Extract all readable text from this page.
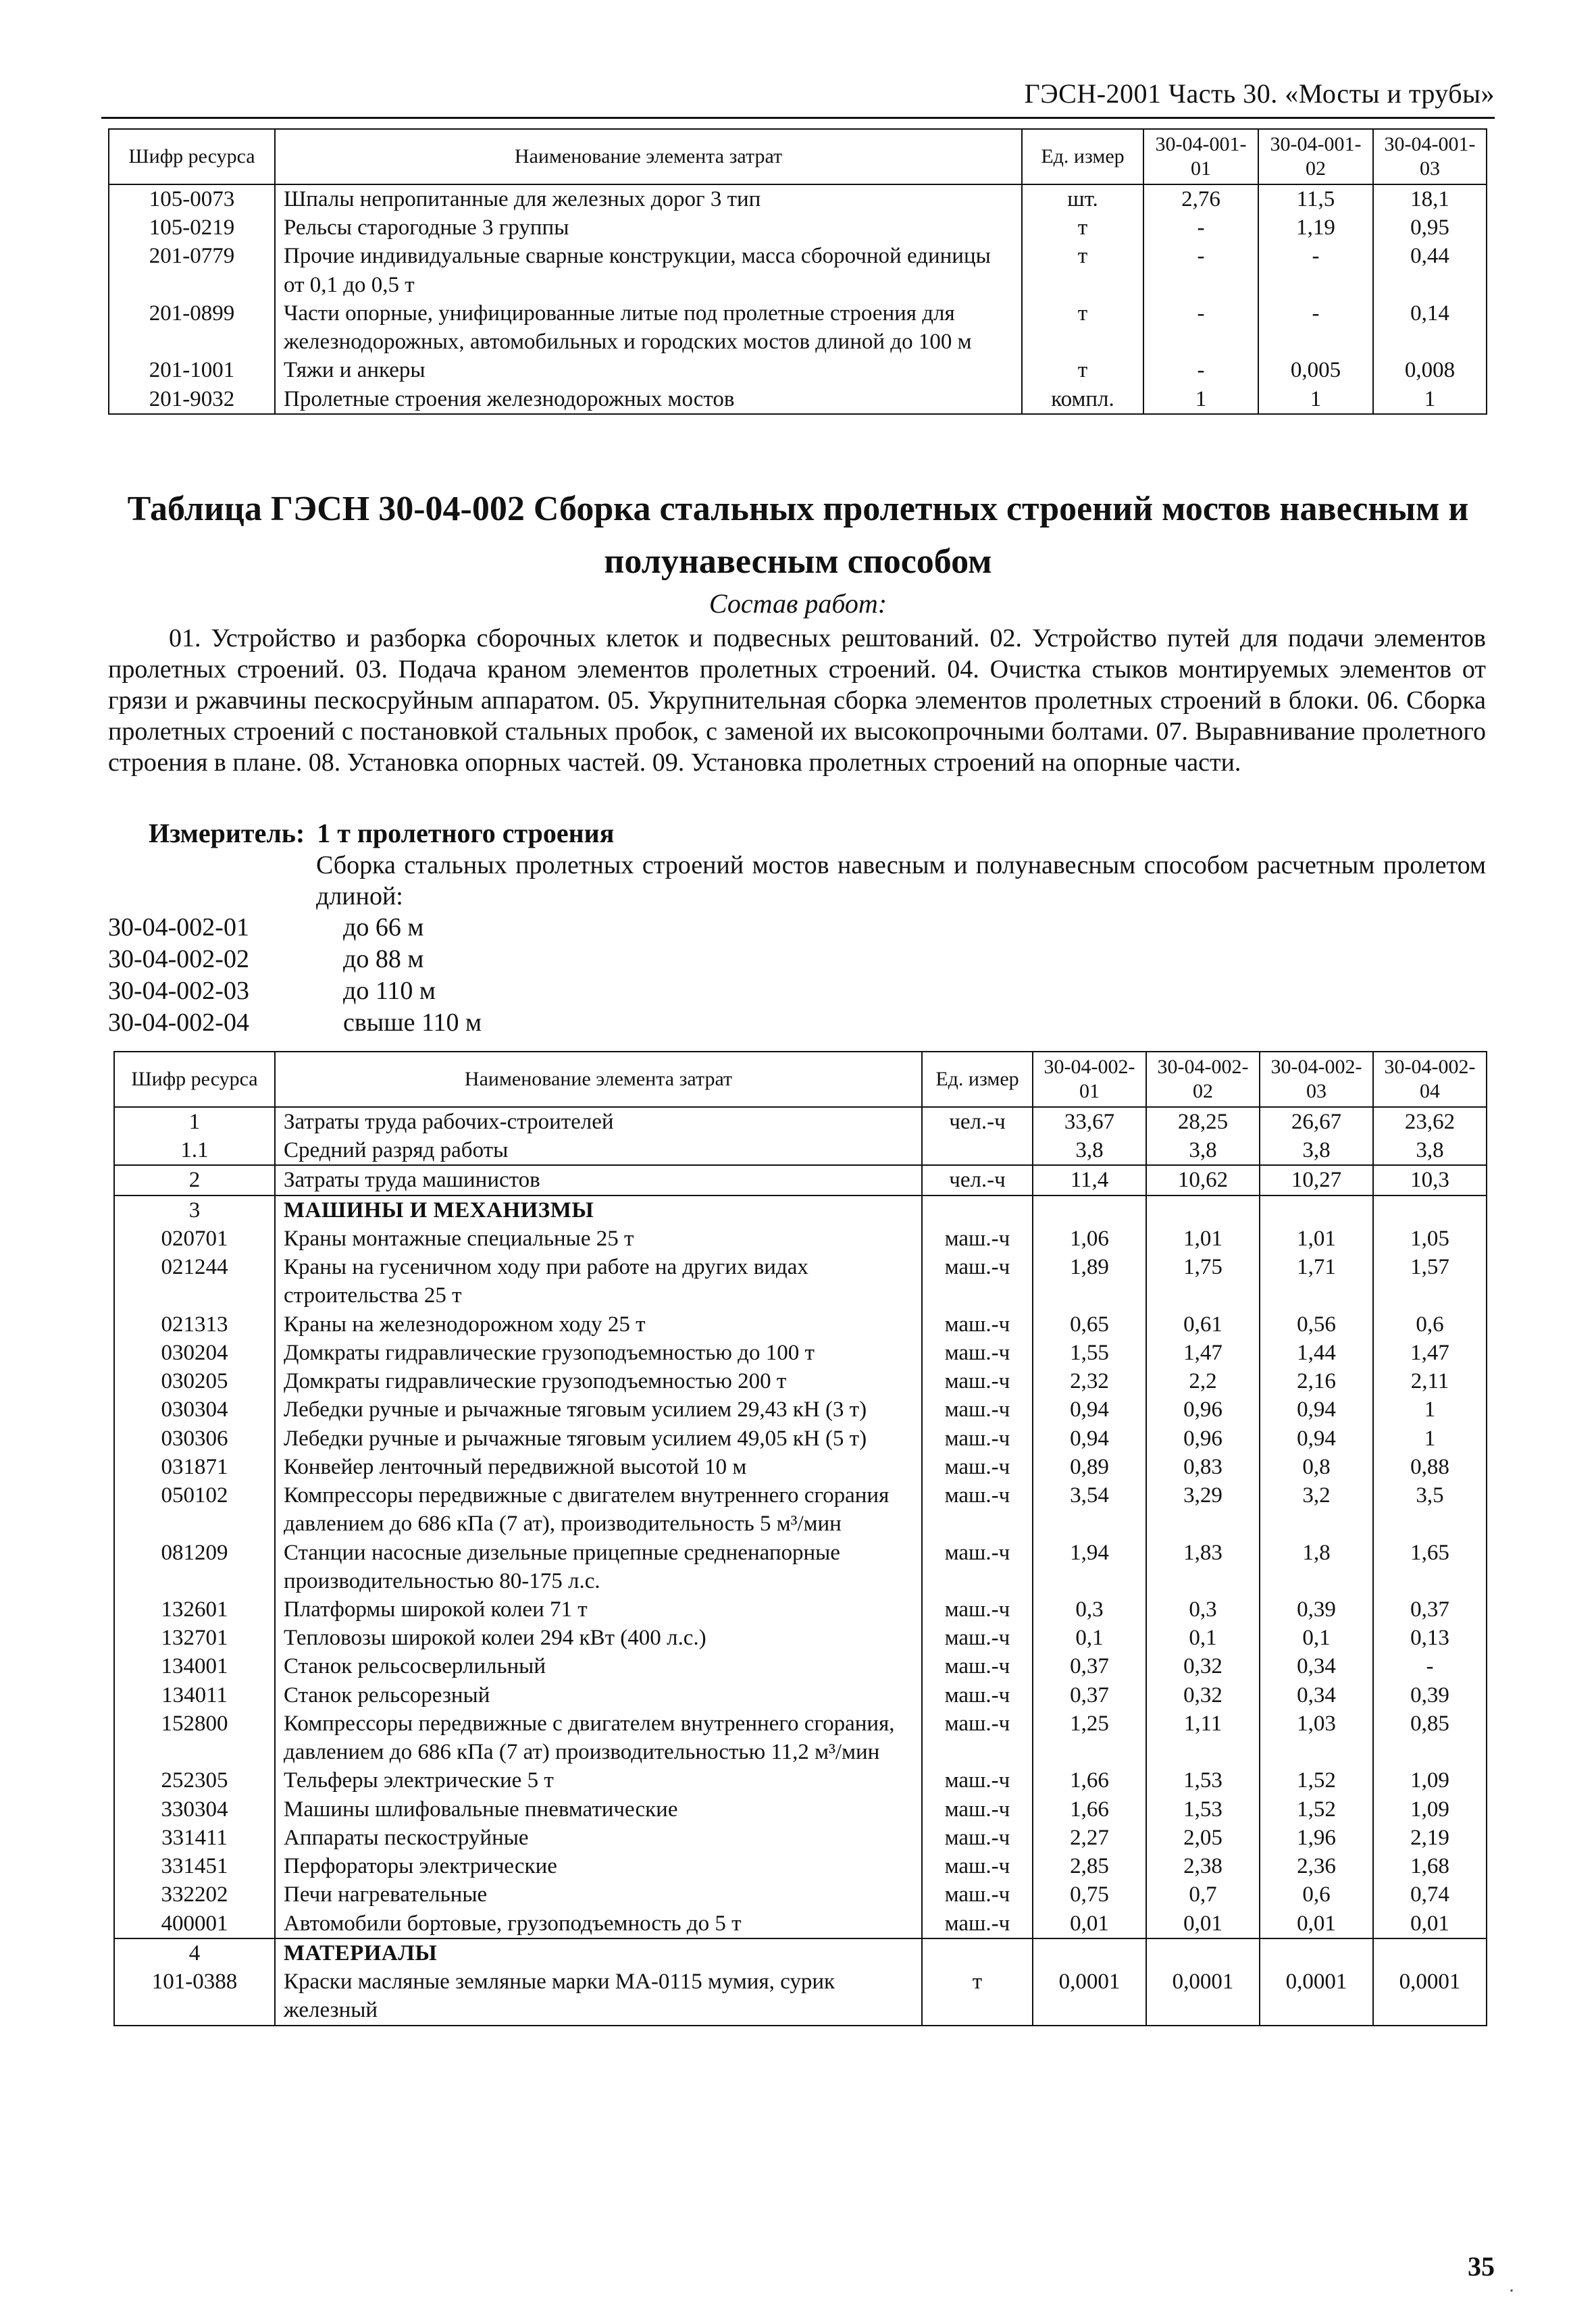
ГЭСН-2001 Часть 30. «Мосты и трубы»
Шифр ресурса	Наименование элемента затрат	Ед. измер	30-04-001-01	30-04-001-02	30-04-001-03
105-0073	Шпалы непропитанные для железных дорог 3 тип	шт.	2,76	11,5	18,1
105-0219	Рельсы старогодные 3 группы	т	-	1,19	0,95
201-0779	Прочие индивидуальные сварные конструкции, масса сборочной единицы от 0,1 до 0,5 т	т	-	-	0,44
201-0899	Части опорные, унифицированные литые под пролетные строения для железнодорожных, автомобильных и городских мостов длиной до 100 м	т	-	-	0,14
201-1001	Тяжи и анкеры	т	-	0,005	0,008
201-9032	Пролетные строения железнодорожных мостов	компл.	1	1	1
Таблица ГЭСН 30-04-002 Сборка стальных пролетных строений мостов навесным и полунавесным способом
Состав работ:
01. Устройство и разборка сборочных клеток и подвесных рештований. 02. Устройство путей для подачи элементов пролетных строений. 03. Подача краном элементов пролетных строений. 04. Очистка стыков монтируемых элементов от грязи и ржавчины пескосруйным аппаратом. 05. Укрупнительная сборка элементов пролетных строений в блоки. 06. Сборка пролетных строений с постановкой стальных пробок, с заменой их высокопрочными болтами. 07. Выравнивание пролетного строения в плане. 08. Установка опорных частей. 09. Установка пролетных строений на опорные части.
Измеритель: 1 т пролетного строения
Сборка стальных пролетных строений мостов навесным и полунавесным способом расчетным пролетом длиной:
30-04-002-01	до 66 м
30-04-002-02	до 88 м
30-04-002-03	до 110 м
30-04-002-04	свыше 110 м
Шифр ресурса	Наименование элемента затрат	Ед. измер	30-04-002-01	30-04-002-02	30-04-002-03	30-04-002-04
1	Затраты труда рабочих-строителей	чел.-ч	33,67	28,25	26,67	23,62
1.1	Средний разряд работы		3,8	3,8	3,8	3,8
2	Затраты труда машинистов	чел.-ч	11,4	10,62	10,27	10,3
3	МАШИНЫ И МЕХАНИЗМЫ					
020701	Краны монтажные специальные 25 т	маш.-ч	1,06	1,01	1,01	1,05
021244	Краны на гусеничном ходу при работе на других видах строительства 25 т	маш.-ч	1,89	1,75	1,71	1,57
021313	Краны на железнодорожном ходу 25 т	маш.-ч	0,65	0,61	0,56	0,6
030204	Домкраты гидравлические грузоподъемностью до 100 т	маш.-ч	1,55	1,47	1,44	1,47
030205	Домкраты гидравлические грузоподъемностью 200 т	маш.-ч	2,32	2,2	2,16	2,11
030304	Лебедки ручные и рычажные тяговым усилием 29,43 кН (3 т)	маш.-ч	0,94	0,96	0,94	1
030306	Лебедки ручные и рычажные тяговым усилием 49,05 кН (5 т)	маш.-ч	0,94	0,96	0,94	1
031871	Конвейер ленточный передвижной высотой 10 м	маш.-ч	0,89	0,83	0,8	0,88
050102	Компрессоры передвижные с двигателем внутреннего сгорания давлением до 686 кПа (7 ат), производительность 5 м³/мин	маш.-ч	3,54	3,29	3,2	3,5
081209	Станции насосные дизельные прицепные средненапорные производительностью 80-175 л.с.	маш.-ч	1,94	1,83	1,8	1,65
132601	Платформы широкой колеи 71 т	маш.-ч	0,3	0,3	0,39	0,37
132701	Тепловозы широкой колеи 294 кВт (400 л.с.)	маш.-ч	0,1	0,1	0,1	0,13
134001	Станок рельсосверлильный	маш.-ч	0,37	0,32	0,34	-
134011	Станок рельсорезный	маш.-ч	0,37	0,32	0,34	0,39
152800	Компрессоры передвижные с двигателем внутреннего сгорания, давлением до 686 кПа (7 ат) производительностью 11,2 м³/мин	маш.-ч	1,25	1,11	1,03	0,85
252305	Тельферы электрические 5 т	маш.-ч	1,66	1,53	1,52	1,09
330304	Машины шлифовальные пневматические	маш.-ч	1,66	1,53	1,52	1,09
331411	Аппараты пескоструйные	маш.-ч	2,27	2,05	1,96	2,19
331451	Перфораторы электрические	маш.-ч	2,85	2,38	2,36	1,68
332202	Печи нагревательные	маш.-ч	0,75	0,7	0,6	0,74
400001	Автомобили бортовые, грузоподъемность до 5 т	маш.-ч	0,01	0,01	0,01	0,01
4	МАТЕРИАЛЫ					
101-0388	Краски масляные земляные марки МА-0115 мумия, сурик железный	т	0,0001	0,0001	0,0001	0,0001
35
·
